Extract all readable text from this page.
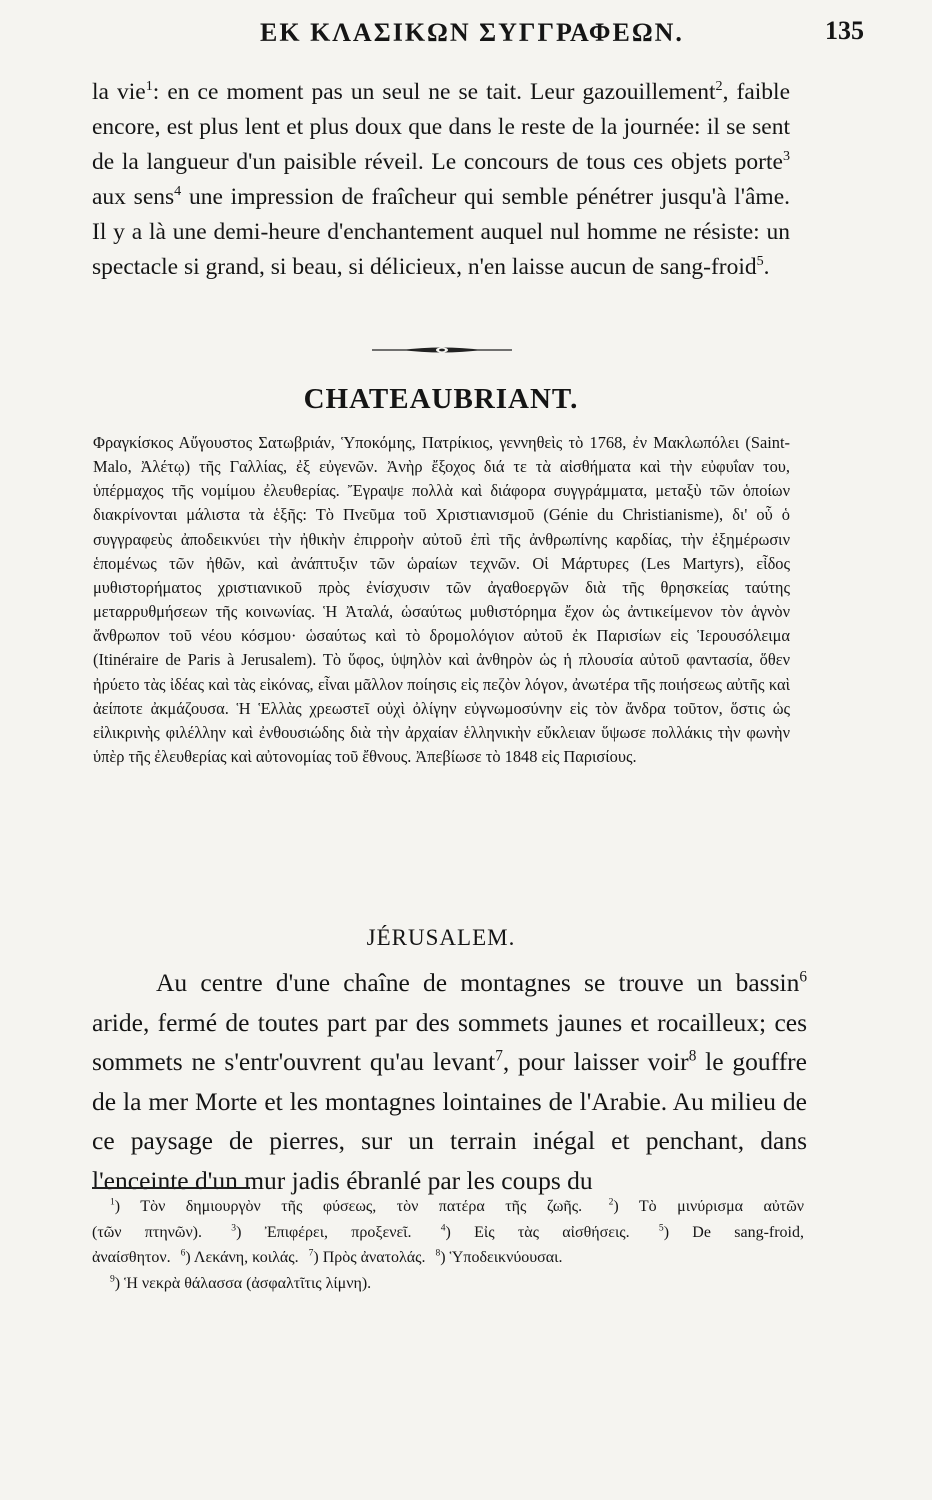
ΕΚ ΚΛΑΣΙΚΩΝ ΣΥΓΓΡΑΦΕΩΝ.	135

la vie$^1$: en ce moment pas un seul ne se tait. Leur gazouillement$^2$, faible encore, est plus lent et plus doux que dans le reste de la journée: il se sent de la langueur d'un paisible réveil. Le concours de tous ces objets porte$^3$ aux sens$^4$ une impression de fraîcheur qui semble pénétrer jusqu'à l'âme. Il y a là une demi-heure d'enchantement auquel nul homme ne résiste: un spectacle si grand, si beau, si délicieux, n'en laisse aucun de sang-froid$^5$.

CHATEAUBRIANT.

Φραγκίσκος Αὔγουστος Σατωβριάν, Ὑποκόμης, Πατρίκιος, γεννηθεὶς τὸ 1768, ἐν Μακλωπόλει (Saint-Malo, Ἀλέτῳ) τῆς Γαλλίας, ἐξ εὐγενῶν. Ἀνὴρ ἔξοχος διά τε τὰ αἰσθήματα καὶ τὴν εὐφυΐαν του, ὑπέρμαχος τῆς νομίμου ἐλευθερίας. Ἔγραψε πολλὰ καὶ διάφορα συγγράμματα, μεταξὺ τῶν ὁποίων διακρίνονται μάλιστα τὰ ἑξῆς: Τὸ Πνεῦμα τοῦ Χριστιανισμοῦ (Génie du Christianisme), δι' οὗ ὁ συγγραφεὺς ἀποδεικνύει τὴν ἠθικὴν ἐπιρροὴν αὐτοῦ ἐπὶ τῆς ἀνθρωπίνης καρδίας, τὴν ἐξημέρωσιν ἑπομένως τῶν ἠθῶν, καὶ ἀνάπτυξιν τῶν ὡραίων τεχνῶν. Οἱ Μάρτυρες (Les Martyrs), εἶδος μυθιστορήματος χριστιανικοῦ πρὸς ἐνίσχυσιν τῶν ἀγαθοεργῶν διὰ τῆς θρησκείας ταύτης μεταρρυθμήσεων τῆς κοινωνίας. Ἡ Ἀταλά, ὡσαύτως μυθιστόρημα ἔχον ὡς ἀντικείμενον τὸν ἁγνὸν ἄνθρωπον τοῦ νέου κόσμου· ὡσαύτως καὶ τὸ δρομολόγιον αὐτοῦ ἐκ Παρισίων εἰς Ἱερουσόλειμα (Itinéraire de Paris à Jerusalem). Τὸ ὕφος, ὑψηλὸν καὶ ἀνθηρὸν ὡς ἡ πλουσία αὐτοῦ φαντασία, ὅθεν ἠρύετο τὰς ἰδέας καὶ τὰς εἰκόνας, εἶναι μᾶλλον ποίησις εἰς πεζὸν λόγον, ἀνωτέρα τῆς ποιήσεως αὐτῆς καὶ ἀείποτε ἀκμάζουσα. Ἡ Ἑλλὰς χρεωστεῖ οὐχὶ ὀλίγην εὐγνωμοσύνην εἰς τὸν ἄνδρα τοῦτον, ὅστις ὡς εἰλικρινὴς φιλέλλην καὶ ἐνθουσιώδης διὰ τὴν ἀρχαίαν ἑλληνικὴν εὔκλειαν ὕψωσε πολλάκις τὴν φωνὴν ὑπὲρ τῆς ἐλευθερίας καὶ αὐτονομίας τοῦ ἔθνους. Ἀπεβίωσε τὸ 1848 εἰς Παρισίους.

JÉRUSALEM.

Au centre d'une chaîne de montagnes se trouve un bassin$^6$ aride, fermé de toutes part par des sommets jaunes et rocailleux; ces sommets ne s'entr'ouvrent qu'au levant$^7$, pour laisser voir$^8$ le gouffre de la mer Morte et les montagnes lointaines de l'Arabie. Au milieu de ce paysage de pierres, sur un terrain inégal et penchant, dans l'enceinte d'un mur jadis ébranlé par les coups du

$^1$) Τὸν δημιουργὸν τῆς φύσεως, τὸν πατέρα τῆς ζωῆς.	$^2$) Τὸ μινύρισμα αὐτῶν
(τῶν πτηνῶν).	$^3$) Ἐπιφέρει, προξενεῖ.	$^4$) Εἰς τὰς αἰσθήσεις.	$^5$) De sang-froid,
ἀναίσθητον. $^6$) Λεκάνη, κοιλάς. $^7$) Πρὸς ἀνατολάς. $^8$) Ὑποδεικνύουσαι.
$^9$) Ἡ νεκρὰ θάλασσα (ἀσφαλτῖτις λίμνη).
